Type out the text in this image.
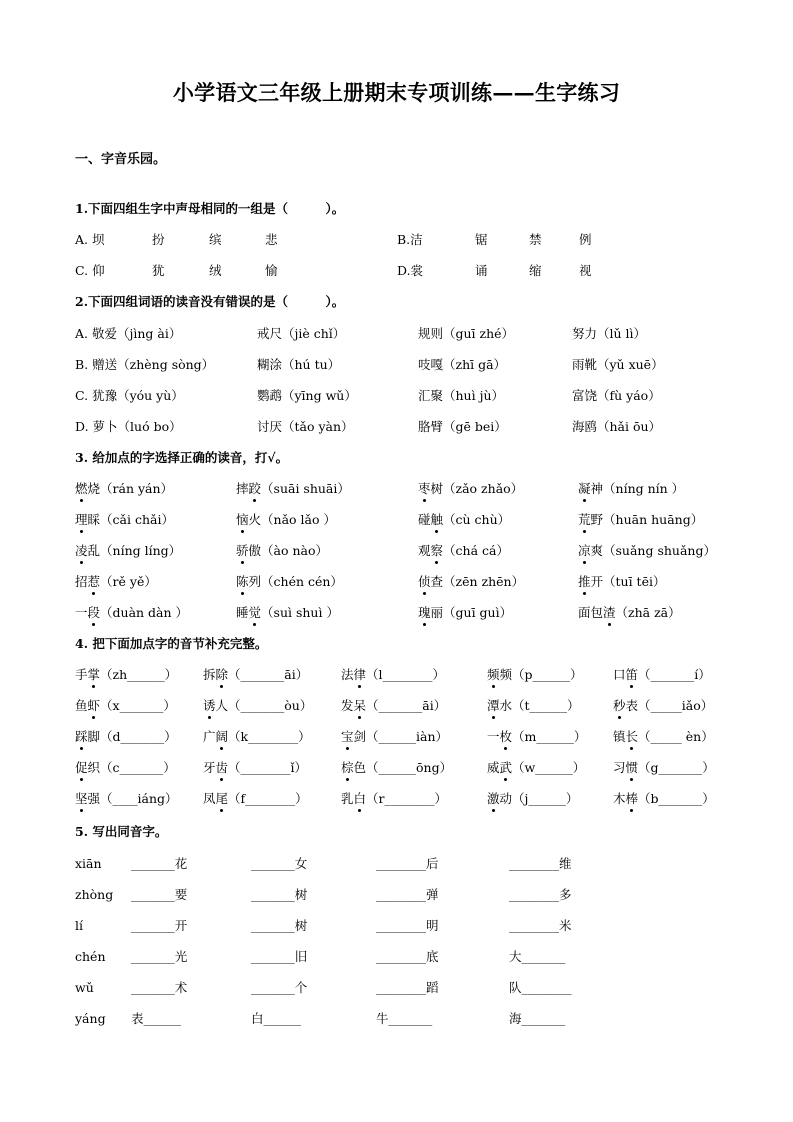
小学语文三年级上册期末专项训练——生字练习
一、字音乐园。
1.下面四组生字中声母相同的一组是（　　　）。
A. 坝	扮	缤	悲	B.洁	锯	禁	例
C. 仰	犹	绒	愉	D.裳	诵	缩	视
2.下面四组词语的读音没有错误的是（　　　）。
A. 敬爱（jìng ài）	戒尺（jiè chǐ）	规则（guī zhé）	努力（lǔ lì）
B. 赠送（zhèng sòng）	糊涂（hú tu）	吱嘎（zhī gā）	雨靴（yǔ xuē）
C. 犹豫（yóu yù）	鹦鹉（yīng wǔ）	汇聚（huì jù）	富饶（fù yáo）
D. 萝卜（luó bo）	讨厌（tǎo yàn）	胳臂（gē bei）	海鸥（hǎi ōu）
3. 给加点的字选择正确的读音，打√。
燃烧（rán yán）	摔跤（suāi shuāi）	枣树（zǎo zhǎo）	凝神（níng nín ）
理睬（cǎi chǎi）	恼火（nǎo lǎo ）	碰触（cù chù）	荒野（huān huāng）
凌乱（níng líng）	骄傲（ào nào）	观察（chá cá）	凉爽（suǎng shuǎng）
招惹（rě yě）	陈列（chén cén）	侦查（zēn zhēn）	推开（tuī tēi）
一段（duàn dàn ）	睡觉（suì shuì ）	瑰丽（guī guì）	面包渣（zhā zā）
4. 把下面加点字的音节补充完整。
手掌（zh______） 拆除（_______āi）	法律（l________）	频频（p______） 口笛（_______í）
鱼虾（x_______） 诱人（_______òu） 发呆（_______āi）	潭水（t______）	秒表（_____iǎo）
踩脚（d_______） 广阔（k________） 宝剑（______iàn）	一枚（m______） 镇长（_____ èn）
促织（c_______） 牙齿（________ǐ）	棕色（______ōng）	威武（w______） 习惯（g_______）
坚强（____iáng） 凤尾（f________）	乳白（r________）	激动（j______）	木棒（b_______）
5. 写出同音字。
xiān _______花	_______女	________后	________维
zhòng _______要	_______树	________弹	________多
lí	_______开	_______树	________明	________米
chén _______光	_______旧	________底	大_______
wǔ	_______术	_______个	________蹈	队________
yáng 表______	白______	牛_______	海_______
